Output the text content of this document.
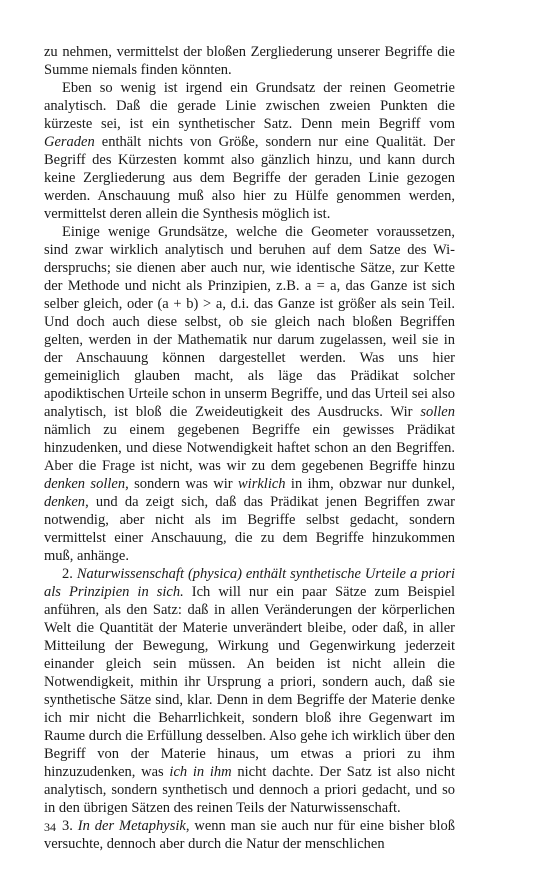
zu nehmen, vermittelst der bloßen Zergliederung unserer Begriffe die Summe niemals finden könnten.

Eben so wenig ist irgend ein Grundsatz der reinen Geometrie analytisch. Daß die gerade Linie zwischen zweien Punkten die kürzeste sei, ist ein synthetischer Satz. Denn mein Begriff vom Geraden enthält nichts von Größe, sondern nur eine Qualität. Der Begriff des Kürzesten kommt also gänzlich hinzu, und kann durch keine Zergliederung aus dem Begriffe der geraden Linie gezogen werden. Anschauung muß also hier zu Hülfe genommen werden, vermittelst deren allein die Synthesis möglich ist.

Einige wenige Grundsätze, welche die Geometer voraussetzen, sind zwar wirklich analytisch und beruhen auf dem Satze des Widerspruchs; sie dienen aber auch nur, wie identische Sätze, zur Kette der Methode und nicht als Prinzipien, z.B. a = a, das Ganze ist sich selber gleich, oder (a + b) > a, d.i. das Ganze ist größer als sein Teil. Und doch auch diese selbst, ob sie gleich nach bloßen Begriffen gelten, werden in der Mathematik nur darum zugelassen, weil sie in der Anschauung können dargestellet werden. Was uns hier gemeiniglich glauben macht, als läge das Prädikat solcher apodiktischen Urteile schon in unserm Begriffe, und das Urteil sei also analytisch, ist bloß die Zweideutigkeit des Ausdrucks. Wir sollen nämlich zu einem gegebenen Begriffe ein gewisses Prädikat hinzudenken, und diese Notwendigkeit haftet schon an den Begriffen. Aber die Frage ist nicht, was wir zu dem gegebenen Begriffe hinzu denken sollen, sondern was wir wirklich in ihm, obzwar nur dunkel, denken, und da zeigt sich, daß das Prädikat jenen Begriffen zwar notwendig, aber nicht als im Begriffe selbst gedacht, sondern vermittelst einer Anschauung, die zu dem Begriffe hinzukommen muß, anhänge.

2. Naturwissenschaft (physica) enthält synthetische Urteile a priori als Prinzipien in sich. Ich will nur ein paar Sätze zum Beispiel anführen, als den Satz: daß in allen Veränderungen der körperlichen Welt die Quantität der Materie unverändert bleibe, oder daß, in aller Mitteilung der Bewegung, Wirkung und Gegenwirkung jederzeit einander gleich sein müssen. An beiden ist nicht allein die Notwendigkeit, mithin ihr Ursprung a priori, sondern auch, daß sie synthetische Sätze sind, klar. Denn in dem Begriffe der Materie denke ich mir nicht die Beharrlichkeit, sondern bloß ihre Gegenwart im Raume durch die Erfüllung desselben. Also gehe ich wirklich über den Begriff von der Materie hinaus, um etwas a priori zu ihm hinzuzudenken, was ich in ihm nicht dachte. Der Satz ist also nicht analytisch, sondern synthetisch und dennoch a priori gedacht, und so in den übrigen Sätzen des reinen Teils der Naturwissenschaft.

3. In der Metaphysik, wenn man sie auch nur für eine bisher bloß versuchte, dennoch aber durch die Natur der menschlichen

34
